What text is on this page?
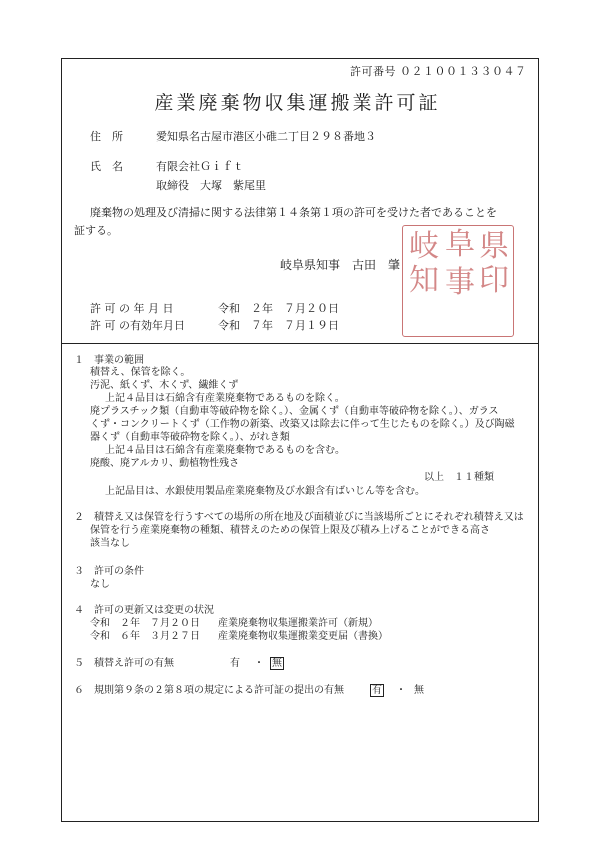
許可番号 ０２１００１３３０４７
産業廃棄物収集運搬業許可証
住　所	愛知県名古屋市港区小碓二丁目２９８番地３
氏　名	有限会社Ｇｉｆｔ
取締役　大塚　紫尾里
廃棄物の処理及び清掃に関する法律第１４条第１項の許可を受けた者であることを
証する。
岐阜県知事　古田　肇
県
印
阜
事
岐
知
許 可 の 年 月 日	令和　２年　７月２０日
許 可 の有効年月日	令和　７年　７月１９日
１　事業の範囲
積替え、保管を除く。
汚泥、紙くず、木くず、繊維くず
上記４品目は石綿含有産業廃棄物であるものを除く。
廃プラスチック類（自動車等破砕物を除く。）、金属くず（自動車等破砕物を除く。）、ガラス
くず・コンクリートくず（工作物の新築、改築又は除去に伴って生じたものを除く。）及び陶磁
器くず（自動車等破砕物を除く。）、がれき類
上記４品目は石綿含有産業廃棄物であるものを含む。
廃酸、廃アルカリ、動植物性残さ
以上　１１種類
上記品目は、水銀使用製品産業廃棄物及び水銀含有ばいじん等を含む。
２　積替え又は保管を行うすべての場所の所在地及び面積並びに当該場所ごとにそれぞれ積替え又は
保管を行う産業廃棄物の種類、積替えのための保管上限及び積み上げることができる高さ
該当なし
３　許可の条件
なし
４　許可の更新又は変更の状況
令和　２年　７月２０日 産業廃棄物収集運搬業許可（新規）
令和　６年　３月２７日 産業廃棄物収集運搬業変更届（書換）
５　積替え許可の有無	有 ・ 無
６　規則第９条の２第８項の規定による許可証の提出の有無	有 ・ 無
